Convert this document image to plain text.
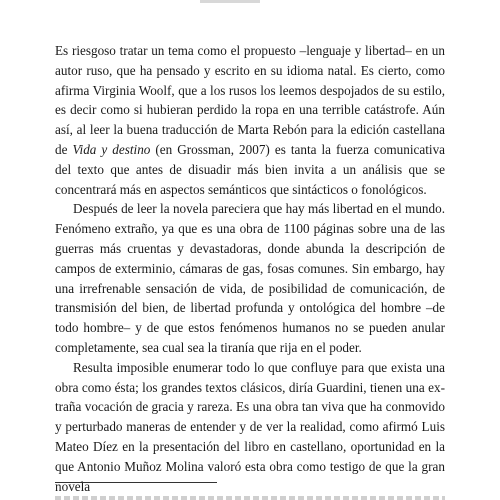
Es riesgoso tratar un tema como el propuesto –lenguaje y libertad– en un autor ruso, que ha pensado y escrito en su idioma natal. Es cierto, como afirma Virginia Woolf, que a los rusos los leemos despojados de su estilo, es decir como si hubieran perdido la ropa en una terrible catástrofe. Aún así, al leer la buena traducción de Marta Rebón para la edición castellana de Vida y destino (en Grossman, 2007) es tanta la fuerza comunicativa del texto que antes de disuadir más bien invita a un análisis que se concentrará más en aspectos semánticos que sintácticos o fonológicos.

Después de leer la novela pareciera que hay más libertad en el mundo. Fenómeno extraño, ya que es una obra de 1100 páginas sobre una de las guerras más cruentas y devastadoras, donde abunda la descripción de campos de exterminio, cámaras de gas, fosas comunes. Sin embargo, hay una irrefrenable sensación de vida, de posibilidad de comunicación, de transmisión del bien, de libertad profunda y ontológica del hombre –de todo hombre– y de que estos fenómenos humanos no se pueden anular completamente, sea cual sea la tiranía que rija en el poder.

Resulta imposible enumerar todo lo que confluye para que exista una obra como ésta; los grandes textos clásicos, diría Guardini, tienen una extraña vocación de gracia y rareza. Es una obra tan viva que ha conmovido y perturbado maneras de entender y de ver la realidad, como afirmó Luis Mateo Díez en la presentación del libro en castellano, oportunidad en la que Antonio Muñoz Molina valoró esta obra como testigo de que la gran novela
